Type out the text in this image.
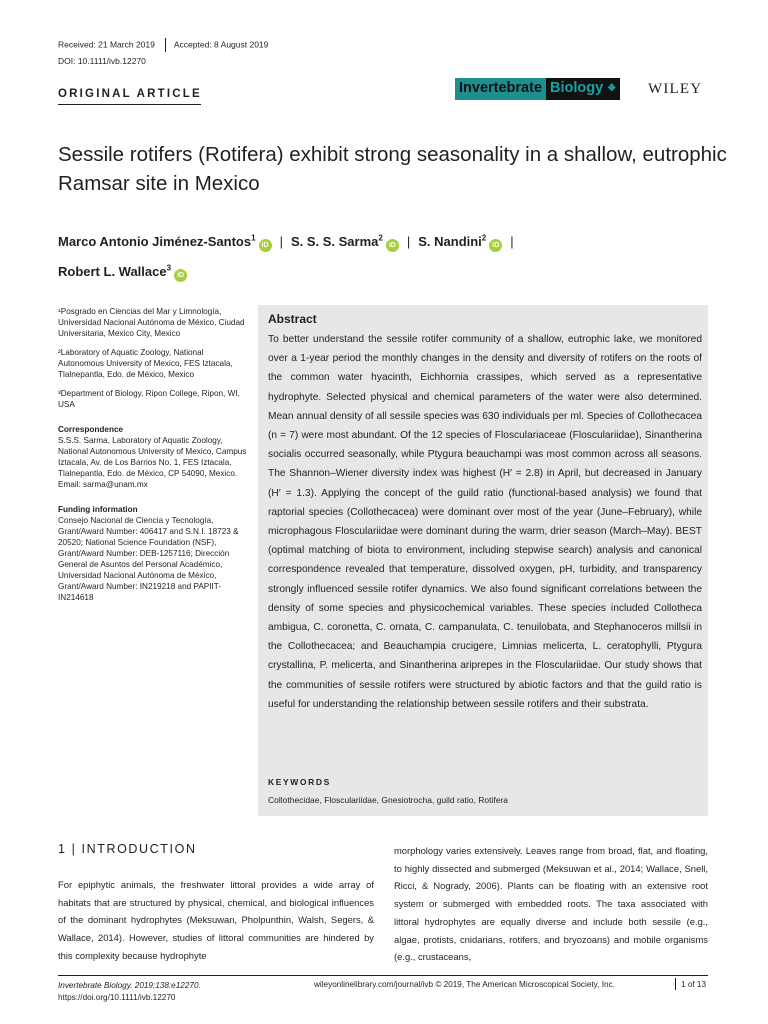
Received: 21 March 2019 Accepted: 8 August 2019
DOI: 10.1111/ivb.12270
ORIGINAL ARTICLE	Invertebrate Biology ❖ WILEY
Sessile rotifers (Rotifera) exhibit strong seasonality in a shallow, eutrophic Ramsar site in Mexico
Marco Antonio Jiménez-Santos$^1$iD | S. S. S. Sarma$^2$iD | S. Nandini$^2$iD |
Robert L. Wallace$^3$iD

¹Posgrado en Ciencias del Mar y Limnología, Universidad Nacional Autónoma de México, Ciudad Universitaria, Mexico City, Mexico

²Laboratory of Aquatic Zoology, National Autonomous University of Mexico, FES Iztacala, Tlalnepantla, Edo. de México, Mexico

³Department of Biology, Ripon College, Ripon, WI, USA

Correspondence

S.S.S. Sarma, Laboratory of Aquatic Zoology, National Autonomous University of Mexico, Campus Iztacala, Av. de Los Barrios No. 1, FES Iztacala, Tlalnepantla, Edo. de México, CP 54090, Mexico.

Email: sarma@unam.mx

Funding information

Consejo Nacional de Ciencia y Tecnología, Grant/Award Number: 406417 and S.N.I. 18723 & 20520; National Science Foundation (NSF), Grant/Award Number: DEB-1257116; Dirección General de Asuntos del Personal Académico, Universidad Nacional Autónoma de México, Grant/Award Number: IN219218 and PAPIIT-IN214618

Abstract
To better understand the sessile rotifer community of a shallow, eutrophic lake, we monitored over a 1-year period the monthly changes in the density and diversity of rotifers on the roots of the common water hyacinth, Eichhornia crassipes, which served as a representative hydrophyte. Selected physical and chemical parameters of the water were also determined. Mean annual density of all sessile species was 630 individuals per ml. Species of Collothecacea (n = 7) were most abundant. Of the 12 species of Flosculariaceae (Flosculariidae), Sinantherina socialis occurred seasonally, while Ptygura beauchampi was most common across all seasons. The Shannon–Wiener diversity index was highest (H′ = 2.8) in April, but decreased in January (H′ = 1.3). Applying the concept of the guild ratio (functional-based analysis) we found that raptorial species (Collothecacea) were dominant over most of the year (June–February), while microphagous Flosculariidae were dominant during the warm, drier season (March–May). BEST (optimal matching of biota to environment, including stepwise search) analysis and canonical correspondence revealed that temperature, dissolved oxygen, pH, turbidity, and transparency strongly influenced sessile rotifer dynamics. We also found significant correlations between the density of some species and physicochemical variables. These species included Collotheca ambigua, C. coronetta, C. ornata, C. campanulata, C. tenuilobata, and Stephanoceros millsii in the Collothecacea; and Beauchampia crucigere, Limnias melicerta, L. ceratophylli, Ptygura crystallina, P. melicerta, and Sinantherina ariprepes in the Flosculariidae. Our study shows that the communities of sessile rotifers were structured by abiotic factors and that the guild ratio is useful for understanding the relationship between sessile rotifers and their substrata.
KEYWORDS
Collothecidae, Flosculariidae, Gnesiotrocha, guild ratio, Rotifera
1 | INTRODUCTION
For epiphytic animals, the freshwater littoral provides a wide array of habitats that are structured by physical, chemical, and biological influences of the dominant hydrophytes (Meksuwan, Pholpunthin, Walsh, Segers, & Wallace, 2014). However, studies of littoral communities are hindered by this complexity because hydrophyte
morphology varies extensively. Leaves range from broad, flat, and floating, to highly dissected and submerged (Meksuwan et al., 2014; Wallace, Snell, Ricci, & Nogrady, 2006). Plants can be floating with an extensive root system or submerged with embedded roots. The taxa associated with littoral hydrophytes are equally diverse and include both sessile (e.g., algae, protists, cnidarians, rotifers, and bryozoans) and mobile organisms (e.g., crustaceans,
Invertebrate Biology. 2019;138:e12270.
https://doi.org/10.1111/ivb.12270
wileyonlinelibrary.com/journal/ivb © 2019, The American Microscopical Society, Inc.	1 of 13
